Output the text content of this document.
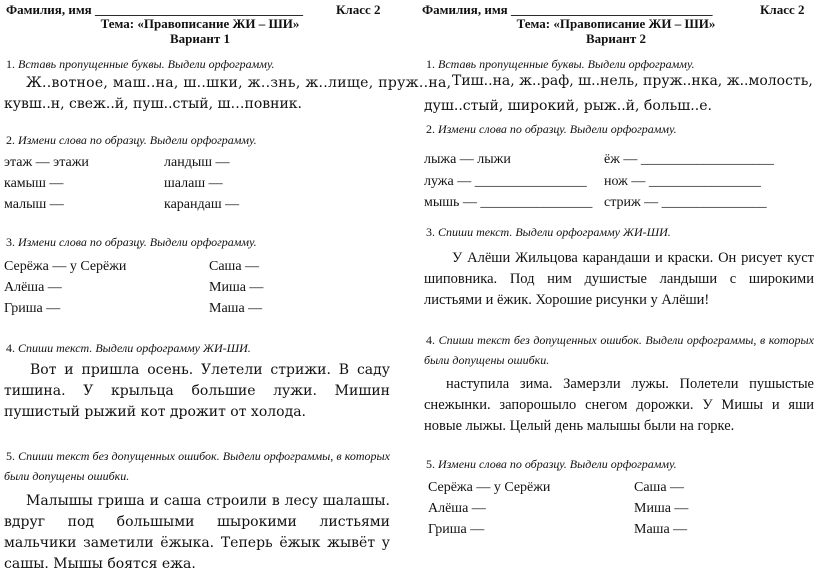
Фамилия, имя ________________________________	Класс 2
Тема: «Правописание ЖИ – ШИ»
Вариант 1
1. Вставь пропущенные буквы. Выдели орфограмму.
Ж..вотное, маш..на, ш..шки, ж..знь, ж..лище, пруж..на,
кувш..н, свеж..й, пуш..стый, ш…повник.
2. Измени слова по образцу. Выдели орфограмму.
этаж — этажи	ландыш —
камыш —	шалаш —
малыш —	карандаш —
3. Измени слова по образцу. Выдели орфограмму.
Серёжа — у Серёжи	Саша —
Алёша —	Миша —
Гриша —	Маша —
4. Спиши текст. Выдели орфограмму ЖИ-ШИ.
Вот и пришла осень. Улетели стрижи. В саду тишина. У крыльца большие лужи. Мишин пушистый рыжий кот дрожит от холода.
5. Спиши текст без допущенных ошибок. Выдели орфограммы, в которых были допущены ошибки.
Малышы гриша и саша строили в лесу шалашы. вдруг под большыми шырокими листьями мальчики заметили ёжыка. Теперь ёжык жывёт у сашы. Мышы боятся ежа.
Фамилия, имя _______________________________	Класс 2
Тема: «Правописание ЖИ – ШИ»
Вариант 2
1. Вставь пропущенные буквы. Выдели орфограмму.
Тиш..на, ж..раф, ш..нель, пруж..нка, ж..молость,
душ..стый, широкий, рыж..й, больш..е.
2. Измени слова по образцу. Выдели орфограмму.
лыжа — лыжи	ёж — ___________________
лужа — ________________ нож — ________________
мышь — ________________ стриж — _______________
3. Спиши текст. Выдели орфограмму ЖИ-ШИ.
У Алёши Жильцова карандаши и краски. Он рисует куст шиповника. Под ним душистые ландыши с широкими листьями и ёжик. Хорошие рисунки у Алёши!
4. Спиши текст без допущенных ошибок. Выдели орфограммы, в которых были допущены ошибки.
наступила зима. Замерзли лужы. Полетели пушыстые снежынки. запорошыло снегом дорожки. У Мишы и яши новые лыжы. Целый день малышы были на горке.
5. Измени слова по образцу. Выдели орфограмму.
Серёжа — у Серёжи	Саша —
Алёша —	Миша —
Гриша —	Маша —
